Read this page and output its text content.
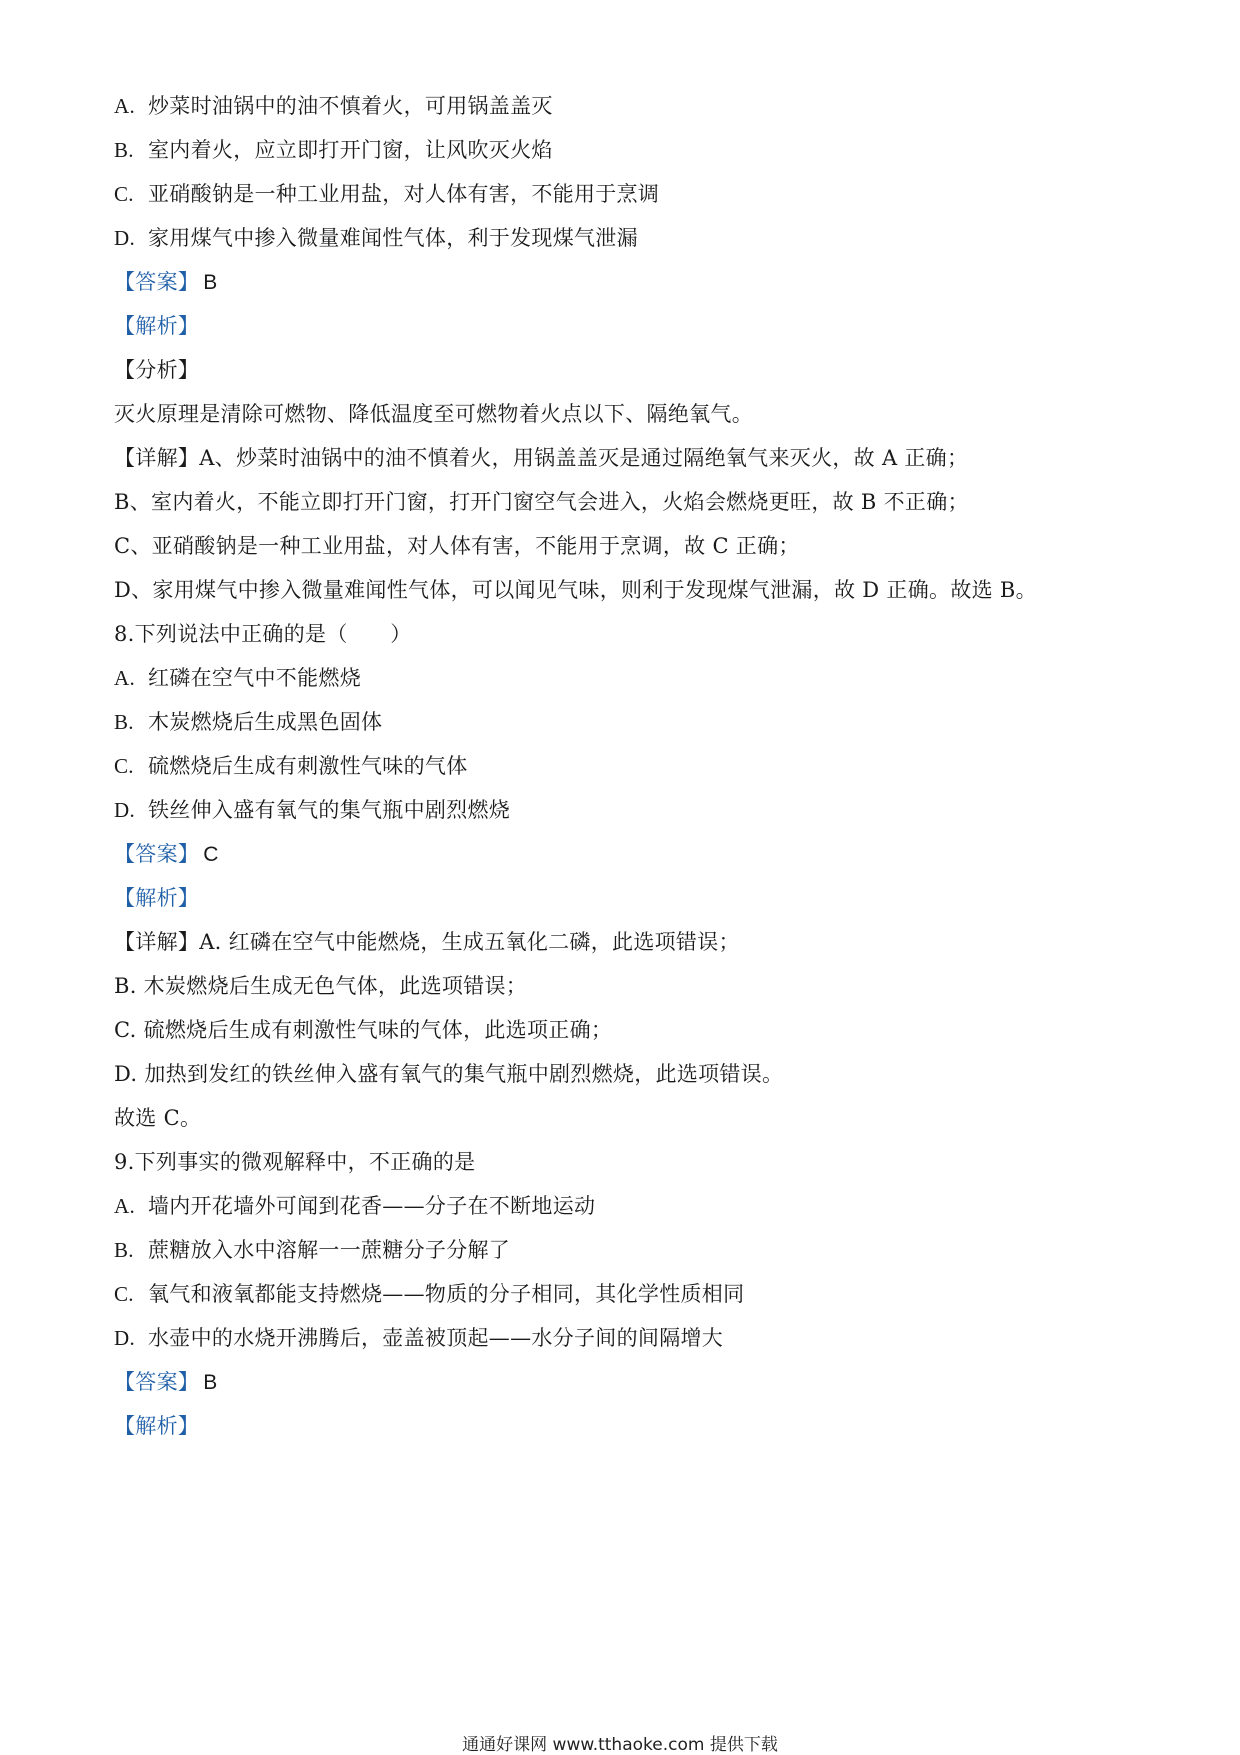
A. 炒菜时油锅中的油不慎着火，可用锅盖盖灭
B. 室内着火，应立即打开门窗，让风吹灭火焰
C. 亚硝酸钠是一种工业用盐，对人体有害，不能用于烹调
D. 家用煤气中掺入微量难闻性气体，利于发现煤气泄漏
【答案】 B
【解析】
【分析】
灭火原理是清除可燃物、降低温度至可燃物着火点以下、隔绝氧气。
【详解】A、炒菜时油锅中的油不慎着火，用锅盖盖灭是通过隔绝氧气来灭火，故 A 正确；
B、室内着火，不能立即打开门窗，打开门窗空气会进入，火焰会燃烧更旺，故 B 不正确；
C、亚硝酸钠是一种工业用盐，对人体有害，不能用于烹调，故 C 正确；
D、家用煤气中掺入微量难闻性气体，可以闻见气味，则利于发现煤气泄漏，故 D 正确。故选 B。
8.下列说法中正确的是（　　）
A. 红磷在空气中不能燃烧
B. 木炭燃烧后生成黑色固体
C. 硫燃烧后生成有刺激性气味的气体
D. 铁丝伸入盛有氧气的集气瓶中剧烈燃烧
【答案】 C
【解析】
【详解】A. 红磷在空气中能燃烧，生成五氧化二磷，此选项错误；
B. 木炭燃烧后生成无色气体，此选项错误；
C. 硫燃烧后生成有刺激性气味的气体，此选项正确；
D. 加热到发红的铁丝伸入盛有氧气的集气瓶中剧烈燃烧，此选项错误。
故选 C。
9.下列事实的微观解释中，不正确的是
A. 墙内开花墙外可闻到花香——分子在不断地运动
B. 蔗糖放入水中溶解一一蔗糖分子分解了
C. 氧气和液氧都能支持燃烧——物质的分子相同，其化学性质相同
D. 水壶中的水烧开沸腾后，壶盖被顶起——水分子间的间隔增大
【答案】 B
【解析】
通通好课网 www.tthaoke.com 提供下载
